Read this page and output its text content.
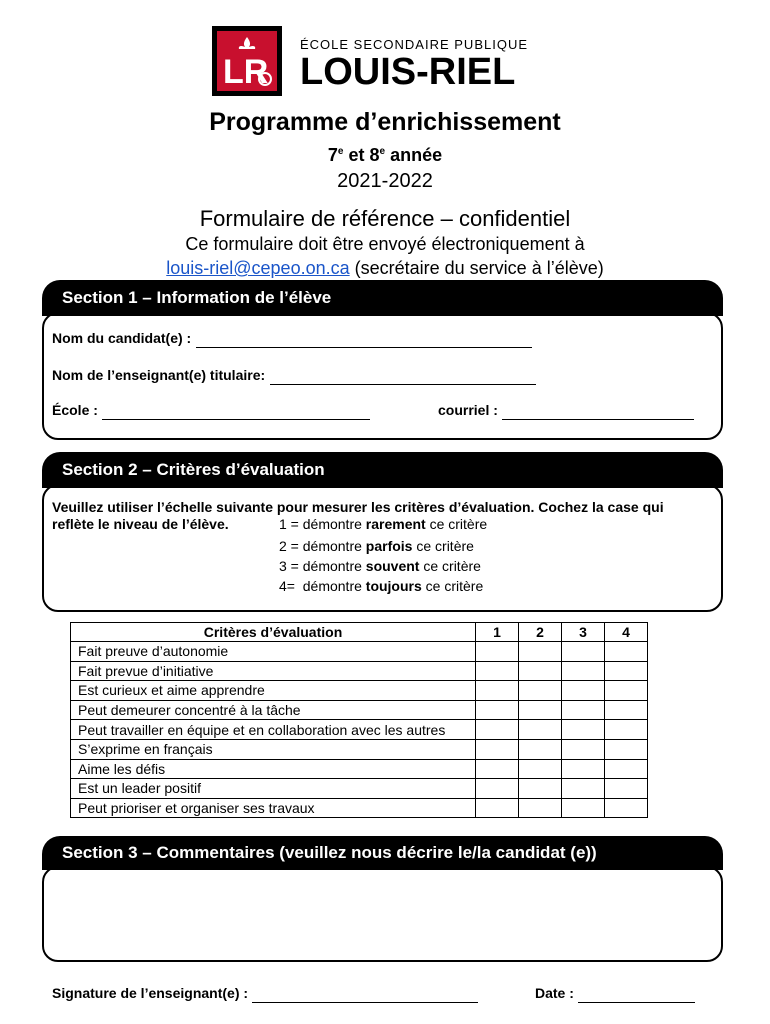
LR
ÉCOLE SECONDAIRE PUBLIQUE
LOUIS-RIEL
Programme d’enrichissement
7e et 8e année
2021-2022
Formulaire de référence – confidentiel
Ce formulaire doit être envoyé électroniquement à
louis-riel@cepeo.on.ca (secrétaire du service à l’élève)
Section 1 – Information de l’élève
Nom du candidat(e) :
Nom de l’enseignant(e) titulaire:
École :	courriel :
Section 2 – Critères d’évaluation
Veuillez utiliser l’échelle suivante pour mesurer les critères d’évaluation. Cochez la case qui
reflète le niveau de l’élève.	1 = démontre rarement ce critère
2 = démontre parfois ce critère
3 = démontre souvent ce critère
4=  démontre toujours ce critère
Critères d’évaluation	1	2	3	4
Fait preuve d’autonomie				
Fait prevue d’initiative				
Est curieux et aime apprendre				
Peut demeurer concentré à la tâche				
Peut travailler en équipe et en collaboration avec les autres				
S’exprime en français				
Aime les défis				
Est un leader positif				
Peut prioriser et organiser ses travaux				
Section 3 – Commentaires (veuillez nous décrire le/la candidat (e))
Signature de l’enseignant(e) :	Date :
